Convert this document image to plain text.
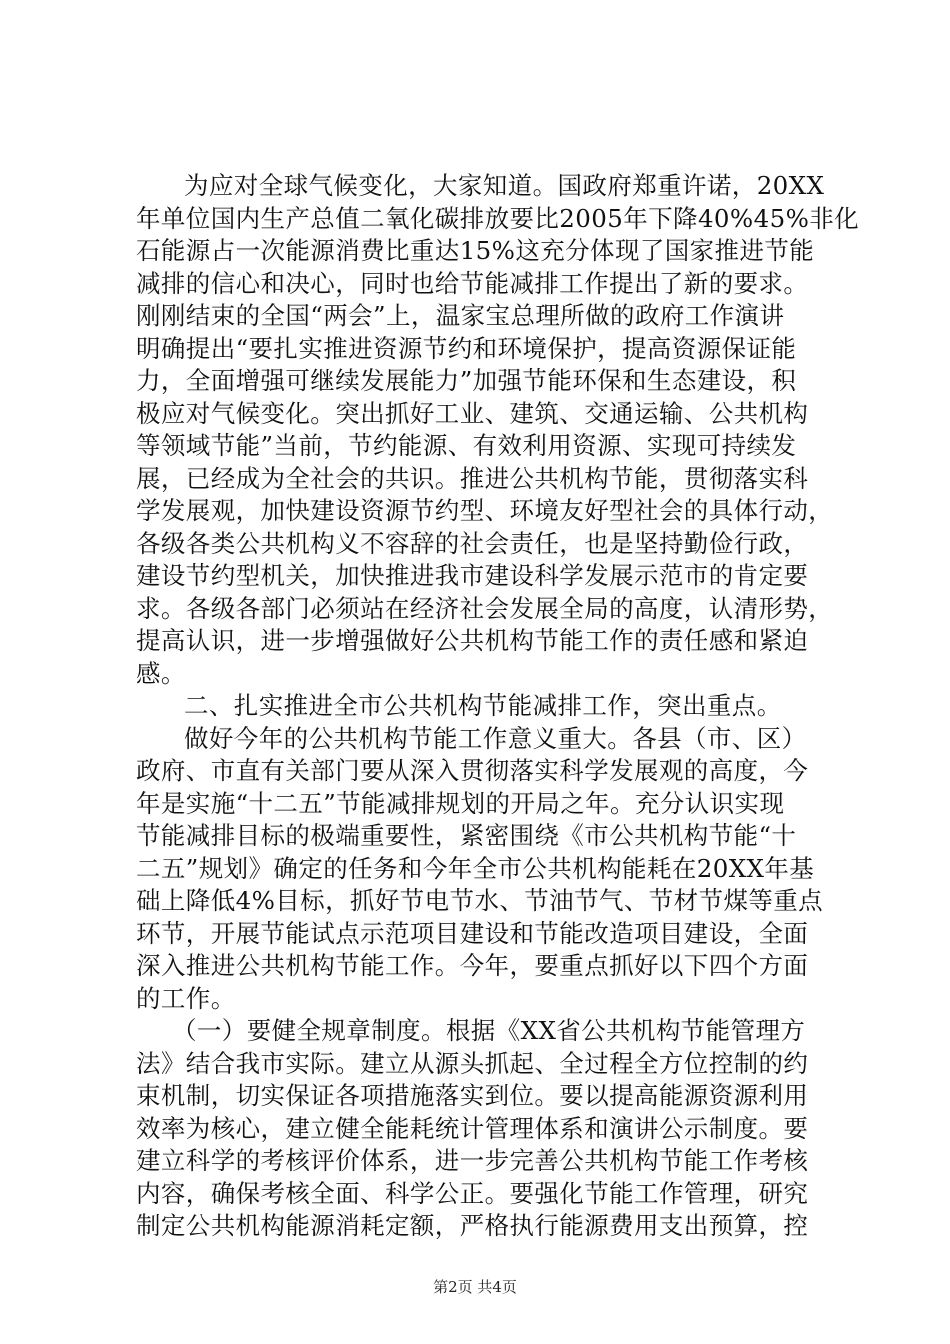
为应对全球气候变化，大家知道。国政府郑重许诺，20XX
年单位国内生产总值二氧化碳排放要比2005年下降40%45%非化
石能源占一次能源消费比重达15%这充分体现了国家推进节能
减排的信心和决心，同时也给节能减排工作提出了新的要求。
刚刚结束的全国“两会”上，温家宝总理所做的政府工作演讲
明确提出“要扎实推进资源节约和环境保护，提高资源保证能
力，全面增强可继续发展能力”加强节能环保和生态建设，积
极应对气候变化。突出抓好工业、建筑、交通运输、公共机构
等领域节能”当前，节约能源、有效利用资源、实现可持续发
展，已经成为全社会的共识。推进公共机构节能，贯彻落实科
学发展观，加快建设资源节约型、环境友好型社会的具体行动，
各级各类公共机构义不容辞的社会责任，也是坚持勤俭行政，
建设节约型机关，加快推进我市建设科学发展示范市的肯定要
求。各级各部门必须站在经济社会发展全局的高度，认清形势，
提高认识，进一步增强做好公共机构节能工作的责任感和紧迫
感。
二、扎实推进全市公共机构节能减排工作，突出重点。
做好今年的公共机构节能工作意义重大。各县（市、区）
政府、市直有关部门要从深入贯彻落实科学发展观的高度，今
年是实施“十二五”节能减排规划的开局之年。充分认识实现
节能减排目标的极端重要性，紧密围绕《市公共机构节能“十
二五”规划》确定的任务和今年全市公共机构能耗在20XX年基
础上降低4%目标，抓好节电节水、节油节气、节材节煤等重点
环节，开展节能试点示范项目建设和节能改造项目建设，全面
深入推进公共机构节能工作。今年，要重点抓好以下四个方面
的工作。
（一）要健全规章制度。根据《XX省公共机构节能管理方
法》结合我市实际。建立从源头抓起、全过程全方位控制的约
束机制，切实保证各项措施落实到位。要以提高能源资源利用
效率为核心，建立健全能耗统计管理体系和演讲公示制度。要
建立科学的考核评价体系，进一步完善公共机构节能工作考核
内容，确保考核全面、科学公正。要强化节能工作管理，研究
制定公共机构能源消耗定额，严格执行能源费用支出预算，控
第2页 共4页
